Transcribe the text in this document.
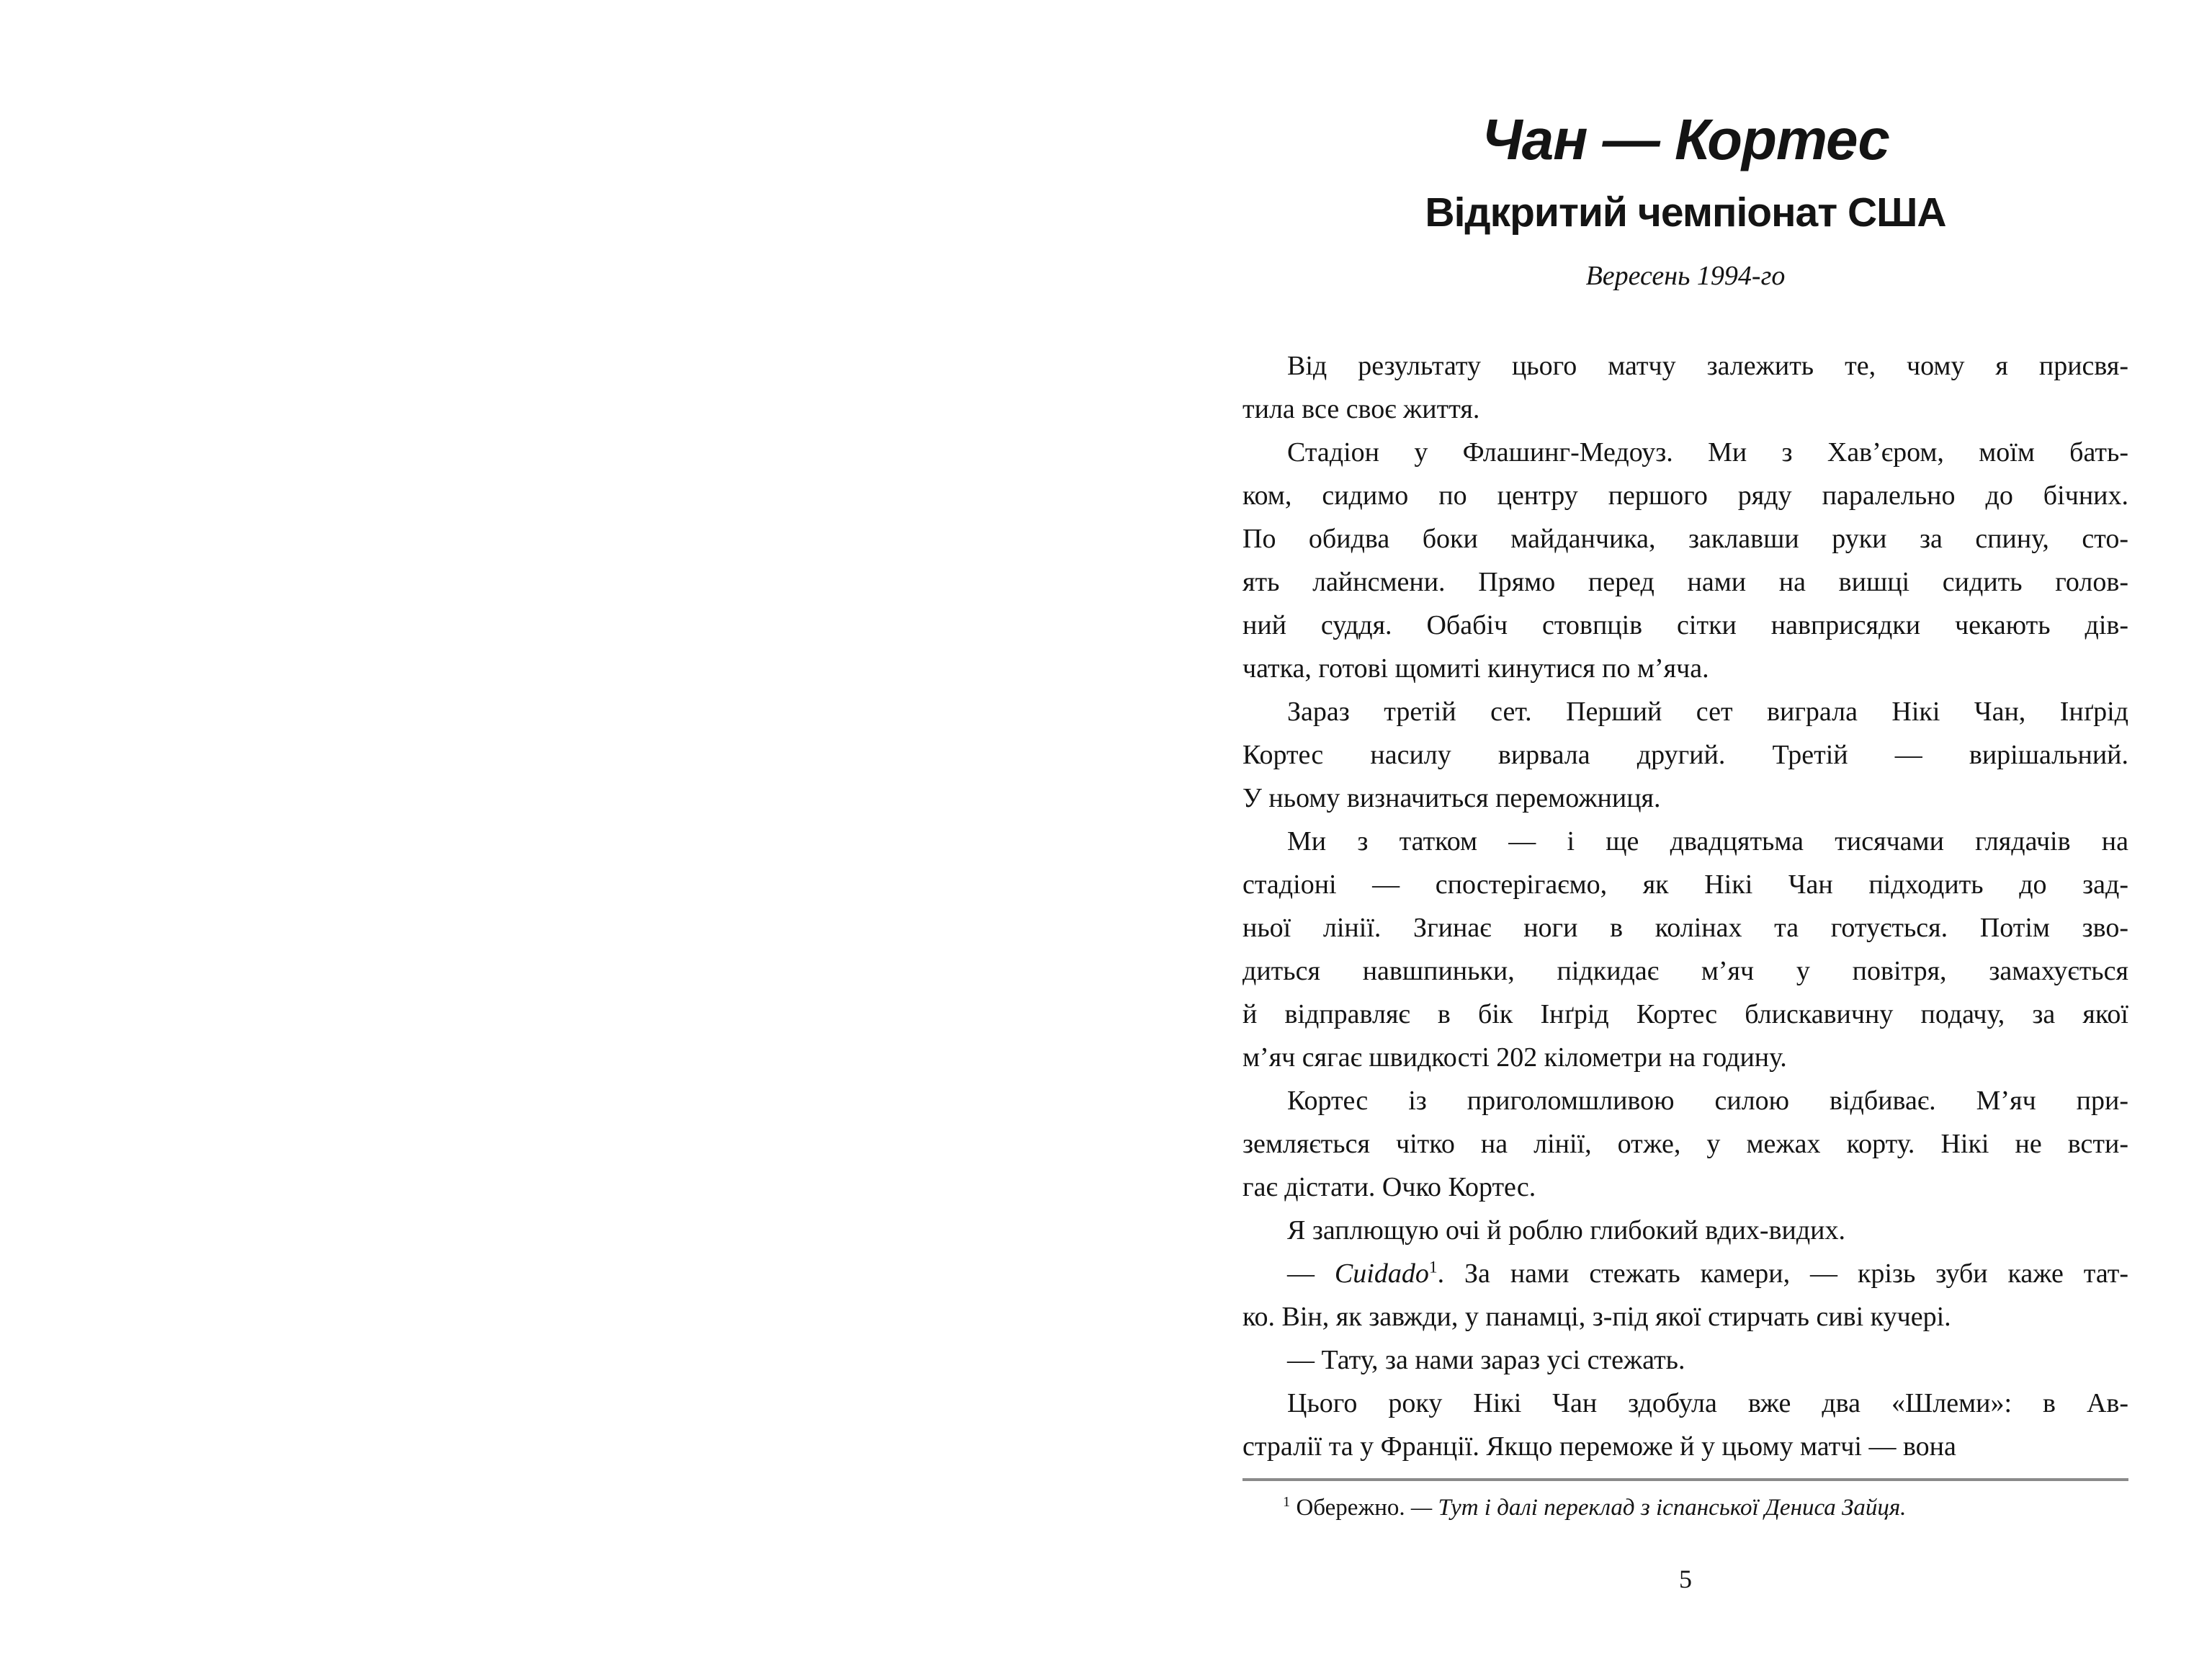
Чан — Кортес
Відкритий чемпіонат США
Вересень 1994-го
Від результату цього матчу залежить те, чому я присвя-
тила все своє життя.
Стадіон у Флашинг-Медоуз. Ми з Хав’єром, моїм бать-
ком, сидимо по центру першого ряду паралельно до бічних.
По обидва боки майданчика, заклавши руки за спину, сто-
ять лайнсмени. Прямо перед нами на вишці сидить голов-
ний суддя. Обабіч стовпців сітки навприсядки чекають дів-
чатка, готові щомиті кинутися по м’яча.
Зараз третій сет. Перший сет виграла Нікі Чан, Інґрід
Кортес насилу вирвала другий. Третій — вирішальний.
У ньому визначиться переможниця.
Ми з татком — і ще двадцятьма тисячами глядачів на
стадіоні — спостерігаємо, як Нікі Чан підходить до зад-
ньої лінії. Згинає ноги в колінах та готується. Потім зво-
диться навшпиньки, підкидає м’яч у повітря, замахується
й відправляє в бік Інґрід Кортес блискавичну подачу, за якої
м’яч сягає швидкості 202 кілометри на годину.
Кортес із приголомшливою силою відбиває. М’яч при-
земляється чітко на лінії, отже, у межах корту. Нікі не всти-
гає дістати. Очко Кортес.
Я заплющую очі й роблю глибокий вдих-видих.
— Cuidado$^1$. За нами стежать камери, — крізь зуби каже тат-
ко. Він, як завжди, у панамці, з-під якої стирчать сиві кучері.
— Тату, за нами зараз усі стежать.
Цього року Нікі Чан здобула вже два «Шлеми»: в Ав-
стралії та у Франції. Якщо переможе й у цьому матчі — вона
$^1$ Обережно. — Тут і далі переклад з іспанської Дениса Зайця.
5
